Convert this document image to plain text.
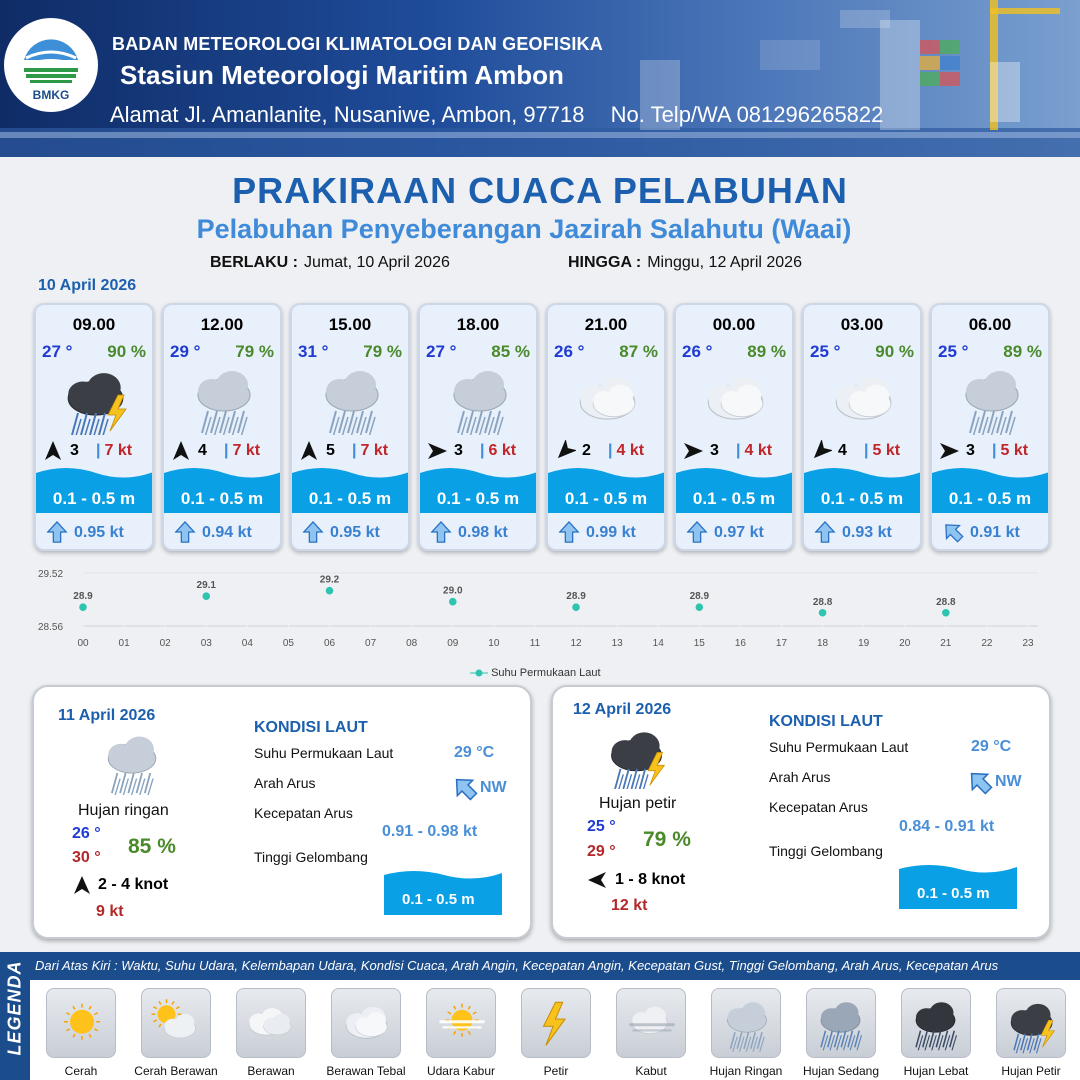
BMKG
BADAN METEOROLOGI KLIMATOLOGI DAN GEOFISIKA
Stasiun Meteorologi Maritim Ambon
Alamat Jl. Amanlanite, Nusaniwe, Ambon, 97718 No. Telp/WA 081296265822
PRAKIRAAN CUACA PELABUHAN
Pelabuhan Penyeberangan Jazirah Salahutu (Waai)
BERLAKU : Jumat, 10 April 2026	HINGGA : Minggu, 12 April 2026
10 April 2026
09.00
27 ° 90 %
3 | 7 kt
0.1 - 0.5 m
0.95 kt
12.00
29 ° 79 %
4 | 7 kt
0.1 - 0.5 m
0.94 kt
15.00
31 ° 79 %
5 | 7 kt
0.1 - 0.5 m
0.95 kt
18.00
27 ° 85 %
3 | 6 kt
0.1 - 0.5 m
0.98 kt
21.00
26 ° 87 %
2 | 4 kt
0.1 - 0.5 m
0.99 kt
00.00
26 ° 89 %
3 | 4 kt
0.1 - 0.5 m
0.97 kt
03.00
25 ° 90 %
4 | 5 kt
0.1 - 0.5 m
0.93 kt
06.00
25 ° 89 %
3 | 5 kt
0.1 - 0.5 m
0.91 kt
00	01	02	03	04	05	06	07	08	09	10	11	12	13	14	15	16	17	18	19	20	21	22	23
29.52
28.56
28.9
29.1
29.2
29.0
28.9	28.9
28.8	28.8
Suhu Permukaan Laut
11 April 2026
Hujan ringan
26 °
30 ° 85 %
2 - 4 knot
9 kt
KONDISI LAUT
Suhu Permukaan Laut	29 °C
Arah Arus	NW
Kecepatan Arus
0.91 - 0.98 kt
Tinggi Gelombang
0.1 - 0.5 m
12 April 2026
Hujan petir
25 °
29 °
79 %
1 - 8 knot
12 kt
KONDISI LAUT
Suhu Permukaan Laut	29 °C
Arah Arus	NW
Kecepatan Arus
0.84 - 0.91 kt
Tinggi Gelombang
0.1 - 0.5 m
LEGENDA Dari Atas Kiri : Waktu, Suhu Udara, Kelembapan Udara, Kondisi Cuaca, Arah Angin, Kecepatan Angin, Kecepatan Gust, Tinggi Gelombang, Arah Arus, Kecepatan Arus
Cerah	Cerah Berawan	Berawan	Berawan Tebal	Udara Kabur	Petir	Kabut	Hujan Ringan	Hujan Sedang	Hujan Lebat	Hujan Petir
